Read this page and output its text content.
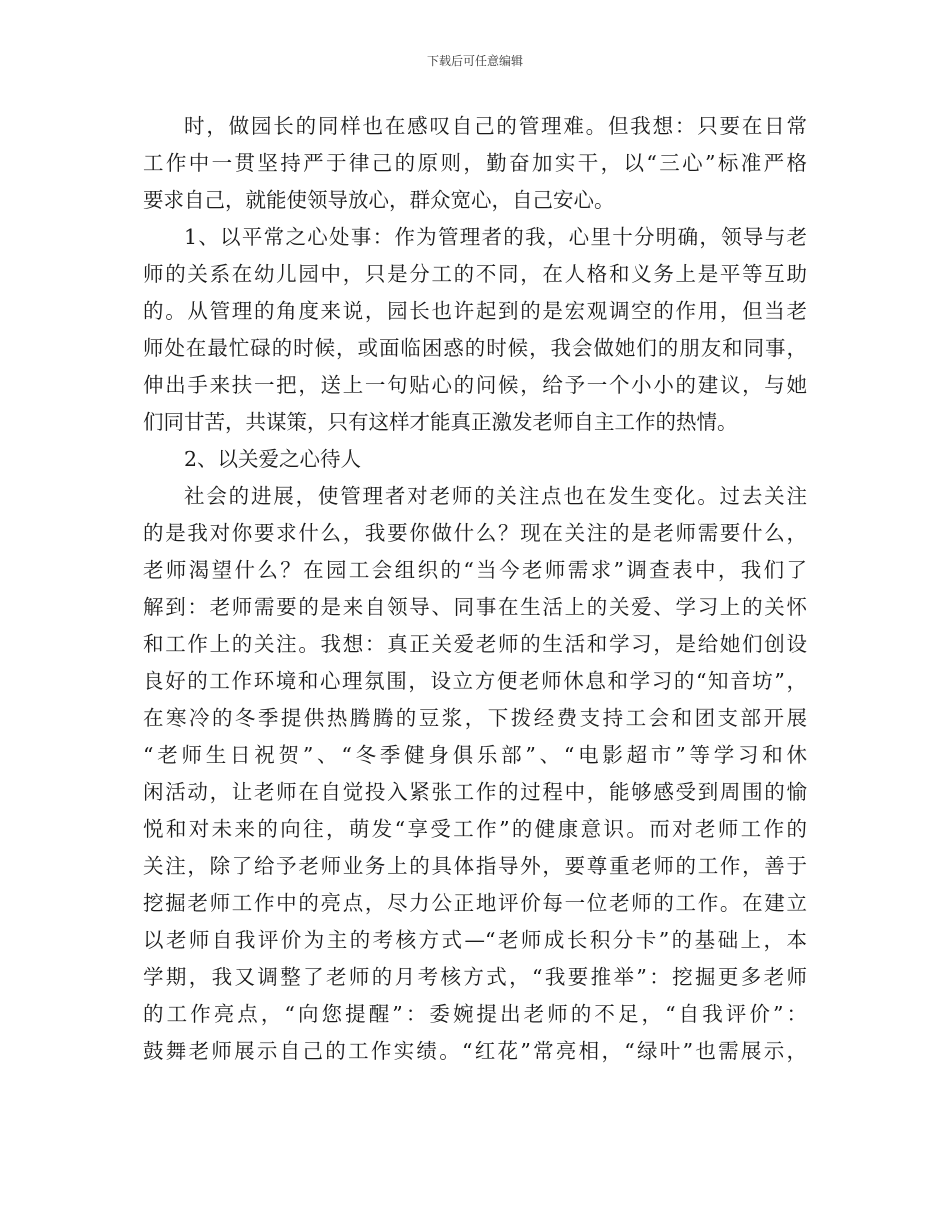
下载后可任意编辑
时，做园长的同样也在感叹自己的管理难。但我想：只要在日常
工作中一贯坚持严于律己的原则，勤奋加实干，以“三心”标准严格
要求自己，就能使领导放心，群众宽心，自己安心。
1、以平常之心处事：作为管理者的我，心里十分明确，领导与老
师的关系在幼儿园中，只是分工的不同，在人格和义务上是平等互助
的。从管理的角度来说，园长也许起到的是宏观调空的作用，但当老
师处在最忙碌的时候，或面临困惑的时候，我会做她们的朋友和同事，
伸出手来扶一把，送上一句贴心的问候，给予一个小小的建议，与她
们同甘苦，共谋策，只有这样才能真正激发老师自主工作的热情。
2、以关爱之心待人
社会的进展，使管理者对老师的关注点也在发生变化。过去关注
的是我对你要求什么，我要你做什么？现在关注的是老师需要什么，
老师渴望什么？在园工会组织的“当今老师需求”调查表中，我们了
解到：老师需要的是来自领导、同事在生活上的关爱、学习上的关怀
和工作上的关注。我想：真正关爱老师的生活和学习，是给她们创设
良好的工作环境和心理氛围，设立方便老师休息和学习的“知音坊”，
在寒冷的冬季提供热腾腾的豆浆，下拨经费支持工会和团支部开展
“老师生日祝贺”、“冬季健身俱乐部”、“电影超市”等学习和休
闲活动，让老师在自觉投入紧张工作的过程中，能够感受到周围的愉
悦和对未来的向往，萌发“享受工作”的健康意识。而对老师工作的
关注，除了给予老师业务上的具体指导外，要尊重老师的工作，善于
挖掘老师工作中的亮点，尽力公正地评价每一位老师的工作。在建立
以老师自我评价为主的考核方式—“老师成长积分卡”的基础上，本
学期，我又调整了老师的月考核方式，“我要推举”：挖掘更多老师
的工作亮点，“向您提醒”：委婉提出老师的不足，“自我评价”：
鼓舞老师展示自己的工作实绩。“红花”常亮相，“绿叶”也需展示，
